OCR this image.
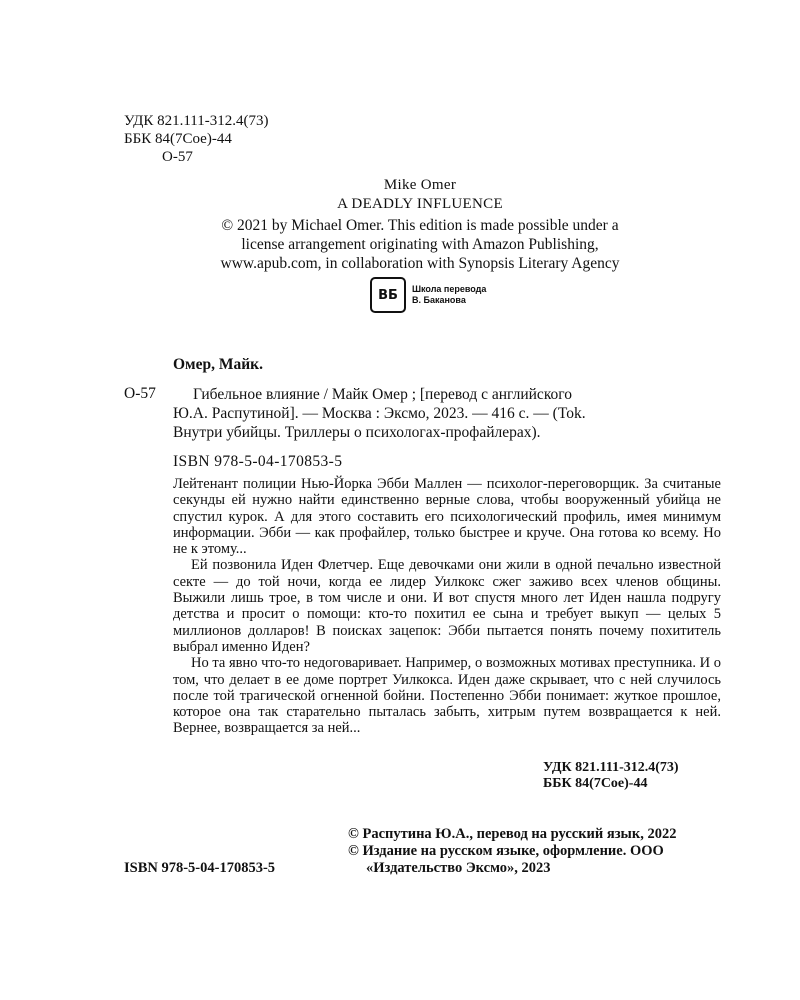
УДК 821.111-312.4(73)
ББК 84(7Сое)-44
О-57
Mike Omer
A DEADLY INFLUENCE
© 2021 by Michael Omer. This edition is made possible under a
license arrangement originating with Amazon Publishing,
www.apub.com, in collaboration with Synopsis Literary Agency
ВБ	Школа перевода
В. Баканова
Омер, Майк.
О-57	Гибельное влияние / Майк Омер ; [перевод с английского

Ю.А. Распутиной]. — Москва : Эксмо, 2023. — 416 с. — (Tok.

Внутри убийцы. Триллеры о психологах-профайлерах).

ISBN 978-5-04-170853-5

Лейтенант полиции Нью-Йорка Эбби Маллен — психолог-переговорщик. За считаные секунды ей нужно найти единственно верные слова, чтобы вооруженный убийца не спустил курок. А для этого составить его психологический профиль, имея минимум информации. Эбби — как профайлер, только быстрее и круче. Она готова ко всему. Но не к этому...

Ей позвонила Иден Флетчер. Еще девочками они жили в одной печально известной секте — до той ночи, когда ее лидер Уилкокс сжег заживо всех членов общины. Выжили лишь трое, в том числе и они. И вот спустя много лет Иден нашла подругу детства и просит о помощи: кто-то похитил ее сына и требует выкуп — целых 5 миллионов долларов! В поисках зацепок: Эбби пытается понять почему похититель выбрал именно Иден?

Но та явно что-то недоговаривает. Например, о возможных мотивах преступника. И о том, что делает в ее доме портрет Уилкокса. Иден даже скрывает, что с ней случилось после той трагической огненной бойни. Постепенно Эбби понимает: жуткое прошлое, которое она так старательно пыталась забыть, хитрым путем возвращается к ней. Вернее, возвращается за ней...

УДК 821.111-312.4(73)
ББК 84(7Сое)-44

© Распутина Ю.А., перевод на русский язык, 2022

© Издание на русском языке, оформление. ООО «Издательство Эксмо», 2023

ISBN 978-5-04-170853-5
